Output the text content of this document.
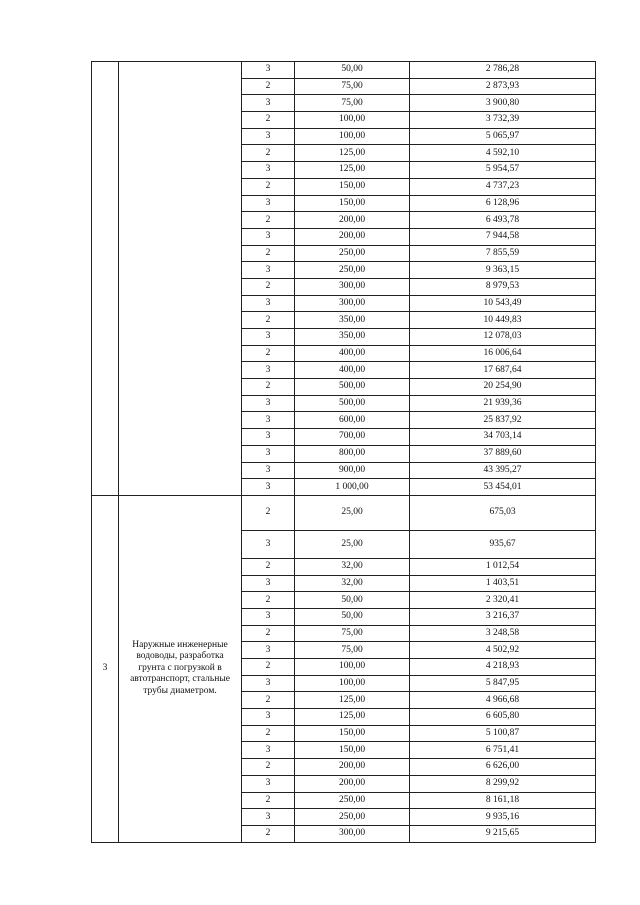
		3	50,00	2 786,28
		2	75,00	2 873,93
		3	75,00	3 900,80
		2	100,00	3 732,39
		3	100,00	5 065,97
		2	125,00	4 592,10
		3	125,00	5 954,57
		2	150,00	4 737,23
		3	150,00	6 128,96
		2	200,00	6 493,78
		3	200,00	7 944,58
		2	250,00	7 855,59
		3	250,00	9 363,15
		2	300,00	8 979,53
		3	300,00	10 543,49
		2	350,00	10 449,83
		3	350,00	12 078,03
		2	400,00	16 006,64
		3	400,00	17 687,64
		2	500,00	20 254,90
		3	500,00	21 939,36
		3	600,00	25 837,92
		3	700,00	34 703,14
		3	800,00	37 889,60
		3	900,00	43 395,27
		3	1 000,00	53 454,01
3	Наружные инженерные водоводы, разработка грунта с погрузкой в автотранспорт, стальные трубы диаметром.	2	25,00	675,03
		3	25,00	935,67
		2	32,00	1 012,54
		3	32,00	1 403,51
		2	50,00	2 320,41
		3	50,00	3 216,37
		2	75,00	3 248,58
		3	75,00	4 502,92
		2	100,00	4 218,93
		3	100,00	5 847,95
		2	125,00	4 966,68
		3	125,00	6 605,80
		2	150,00	5 100,87
		3	150,00	6 751,41
		2	200,00	6 626,00
		3	200,00	8 299,92
		2	250,00	8 161,18
		3	250,00	9 935,16
		2	300,00	9 215,65
